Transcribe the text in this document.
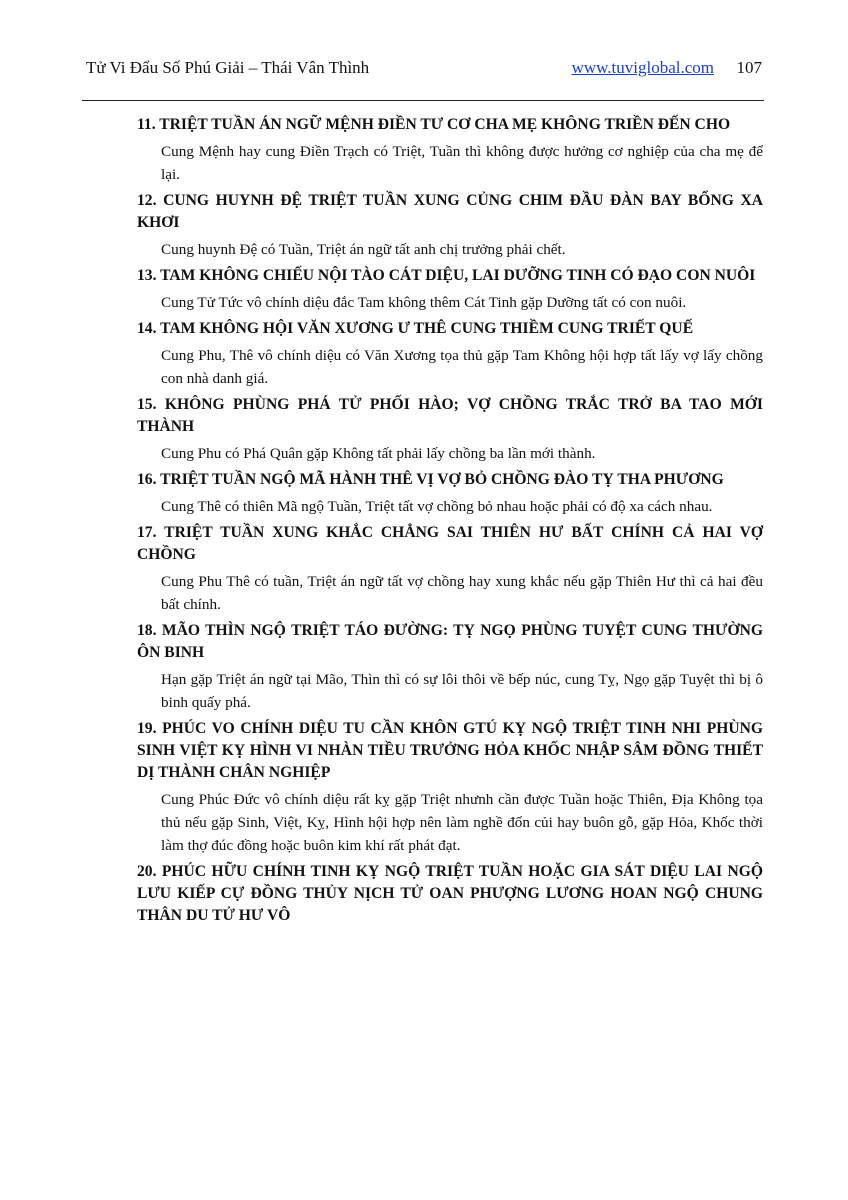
Tử Vi Đẩu Số Phú Giải – Thái Vân Thình	www.tuviglobal.com 107

11. TRIỆT TUẦN ÁN NGỮ MỆNH ĐIỀN TƯ CƠ CHA MẸ KHÔNG TRIỀN ĐẾN CHO

Cung Mệnh hay cung Điền Trạch có Triệt, Tuần thì không được hưởng cơ nghiệp của cha mẹ để lại.

12. CUNG HUYNH ĐỆ TRIỆT TUẦN XUNG CỦNG CHIM ĐẦU ĐÀN BAY BỔNG XA KHƠI

Cung huynh Đệ có Tuần, Triệt án ngữ tất anh chị trưởng phải chết.

13. TAM KHÔNG CHIẾU NỘI TÀO CÁT DIỆU, LAI DƯỠNG TINH CÓ ĐẠO CON NUÔI

Cung Tử Tức vô chính diệu đắc Tam không thêm Cát Tinh gặp Dưỡng tất có con nuôi.

14. TAM KHÔNG HỘI VĂN XƯƠNG Ư THÊ CUNG THIỀM CUNG TRIẾT QUẾ

Cung Phu, Thê vô chính diệu có Văn Xương tọa thủ gặp Tam Không hội hợp tất lấy vợ lấy chồng con nhà danh giá.

15. KHÔNG PHÙNG PHÁ TỬ PHỐI HÀO; VỢ CHỒNG TRẮC TRỞ BA TAO MỚI THÀNH

Cung Phu có Phá Quân gặp Không tất phải lấy chồng ba lần mới thành.

16. TRIỆT TUẦN NGỘ MÃ HÀNH THÊ VỊ VỢ BỎ CHỒNG ĐÀO TỴ THA PHƯƠNG

Cung Thê có thiên Mã ngộ Tuần, Triệt tất vợ chồng bỏ nhau hoặc phải có độ xa cách nhau.

17. TRIỆT TUẦN XUNG KHẮC CHẲNG SAI THIÊN HƯ BẤT CHÍNH CẢ HAI VỢ CHỒNG

Cung Phu Thê có tuần, Triệt án ngữ tất vợ chồng hay xung khắc nếu gặp Thiên Hư thì cả hai đều bất chính.

18. MÃO THÌN NGỘ TRIỆT TÁO ĐƯỜNG: TỴ NGỌ PHÙNG TUYỆT CUNG THƯỜNG ÔN BINH

Hạn gặp Triệt án ngữ tại Mão, Thìn thì có sự lôi thôi về bếp núc, cung Tỵ, Ngọ gặp Tuyệt thì bị ô binh quấy phá.

19. PHÚC VO CHÍNH DIỆU TU CẦN KHÔN GTÚ KỴ NGỘ TRIỆT TINH NHI PHÙNG SINH VIỆT KỴ HÌNH VI NHÀN TIỀU TRƯỞNG HỎA KHỐC NHẬP SÂM ĐỒNG THIẾT DỊ THÀNH CHÂN NGHIỆP

Cung Phúc Đức vô chính diệu rất kỵ gặp Triệt nhưnh cần được Tuần hoặc Thiên, Địa Không tọa thủ nếu gặp Sinh, Việt, Kỵ, Hình hội hợp nên làm nghề đốn củi hay buôn gỗ, gặp Hỏa, Khốc thời làm thợ đúc đồng hoặc buôn kim khí rất phát đạt.

20. PHÚC HỮU CHÍNH TINH KỴ NGỘ TRIỆT TUẦN HOẶC GIA SÁT DIỆU LAI NGỘ LƯU KIẾP CỰ ĐỒNG THỦY NỊCH TỬ OAN PHƯỢNG LƯƠNG HOAN NGỘ CHUNG THÂN DU TỬ HƯ VÔ
